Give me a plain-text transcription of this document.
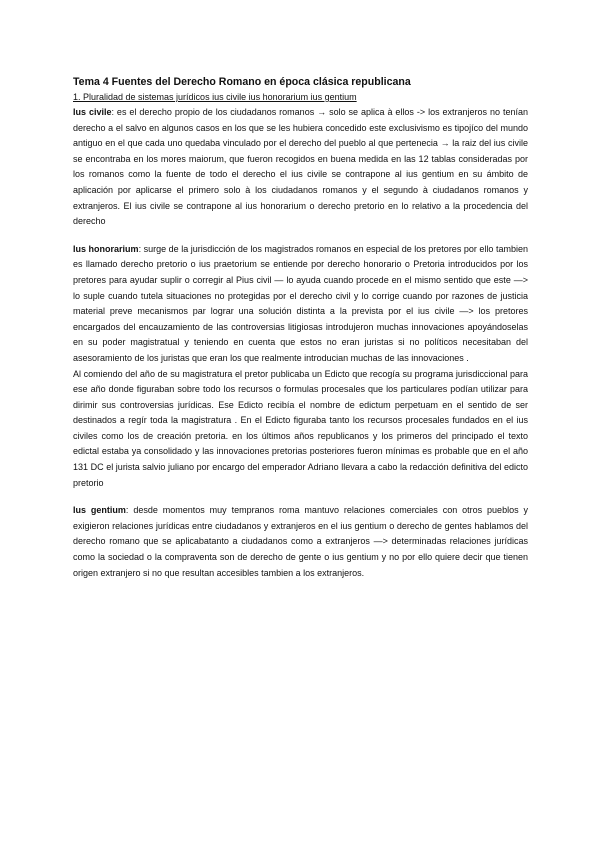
Tema 4 Fuentes del Derecho Romano en época clásica republicana
1. Pluralidad de sistemas jurídicos ius civile ius honorarium ius gentium

Ius civile: es el derecho propio de los ciudadanos romanos → solo se aplica à ellos -> los extranjeros no tenían derecho a el salvo en algunos casos en los que se les hubiera concedido este exclusivismo es tipojíco del mundo antiguo en el que cada uno quedaba vinculado por el derecho del pueblo al que pertenecia → la raiz del ius civile se encontraba en los mores maiorum, que fueron recogidos en buena medida en las 12 tablas consideradas por los romanos como la fuente de todo el derecho el ius civile se contrapone al ius gentium en su ámbito de aplicación por aplicarse el primero solo à los ciudadanos romanos y el segundo à ciudadanos romanos y extranjeros. El ius civile se contrapone al ius honorarium o derecho pretorio en lo relativo a la procedencia del derecho

Ius honorarium: surge de la jurisdicción de los magistrados romanos en especial de los pretores por ello tambien es llamado derecho pretorio o ius praetorium se entiende por derecho honorario o Pretoria introducidos por los pretores para ayudar suplir o corregir al Pius civil — lo ayuda cuando procede en el mismo sentido que este —> lo suple cuando tutela situaciones no protegidas por el derecho civil y lo corrige cuando por razones de justicia material preve mecanismos par lograr una solución distinta a la prevista por el ius civile —> los pretores encargados del encauzamiento de las controversias litigiosas introdujeron muchas innovaciones apoyándoselas en su poder magistratual y teniendo en cuenta que estos no eran juristas si no políticos necesitaban del asesoramiento de los juristas que eran los que realmente introducian muchas de las innovaciones .

Al comiendo del año de su magistratura el pretor publicaba un Edicto que recogía su programa jurisdiccional para ese año donde figuraban sobre todo los recursos o formulas procesales que los particulares podían utilizar para dirimir sus controversias jurídicas. Ese Edicto recibía el nombre de edictum perpetuam en el sentido de ser destinados a regír toda la magistratura . En el Edicto figuraba tanto los recursos procesales fundados en el ius civiles como los de creación pretoria. en los últimos años republicanos y los primeros del principado el texto edictal estaba ya consolidado y las innovaciones pretorias posteriores fueron mínimas es probable que en el año 131 DC el jurista salvio juliano por encargo del emperador Adriano llevara a cabo la redacción definitiva del edicto pretorio

Ius gentium: desde momentos muy tempranos roma mantuvo relaciones comerciales con otros pueblos y exigieron relaciones jurídicas entre ciudadanos y extranjeros en el ius gentium o derecho de gentes hablamos del derecho romano que se aplicabatanto a ciudadanos como a extranjeros —> determinadas relaciones jurídicas como la sociedad o la compraventa son de derecho de gente o ius gentium y no por ello quiere decir que tienen origen extranjero si no que resultan accesibles tambien a los extranjeros.
